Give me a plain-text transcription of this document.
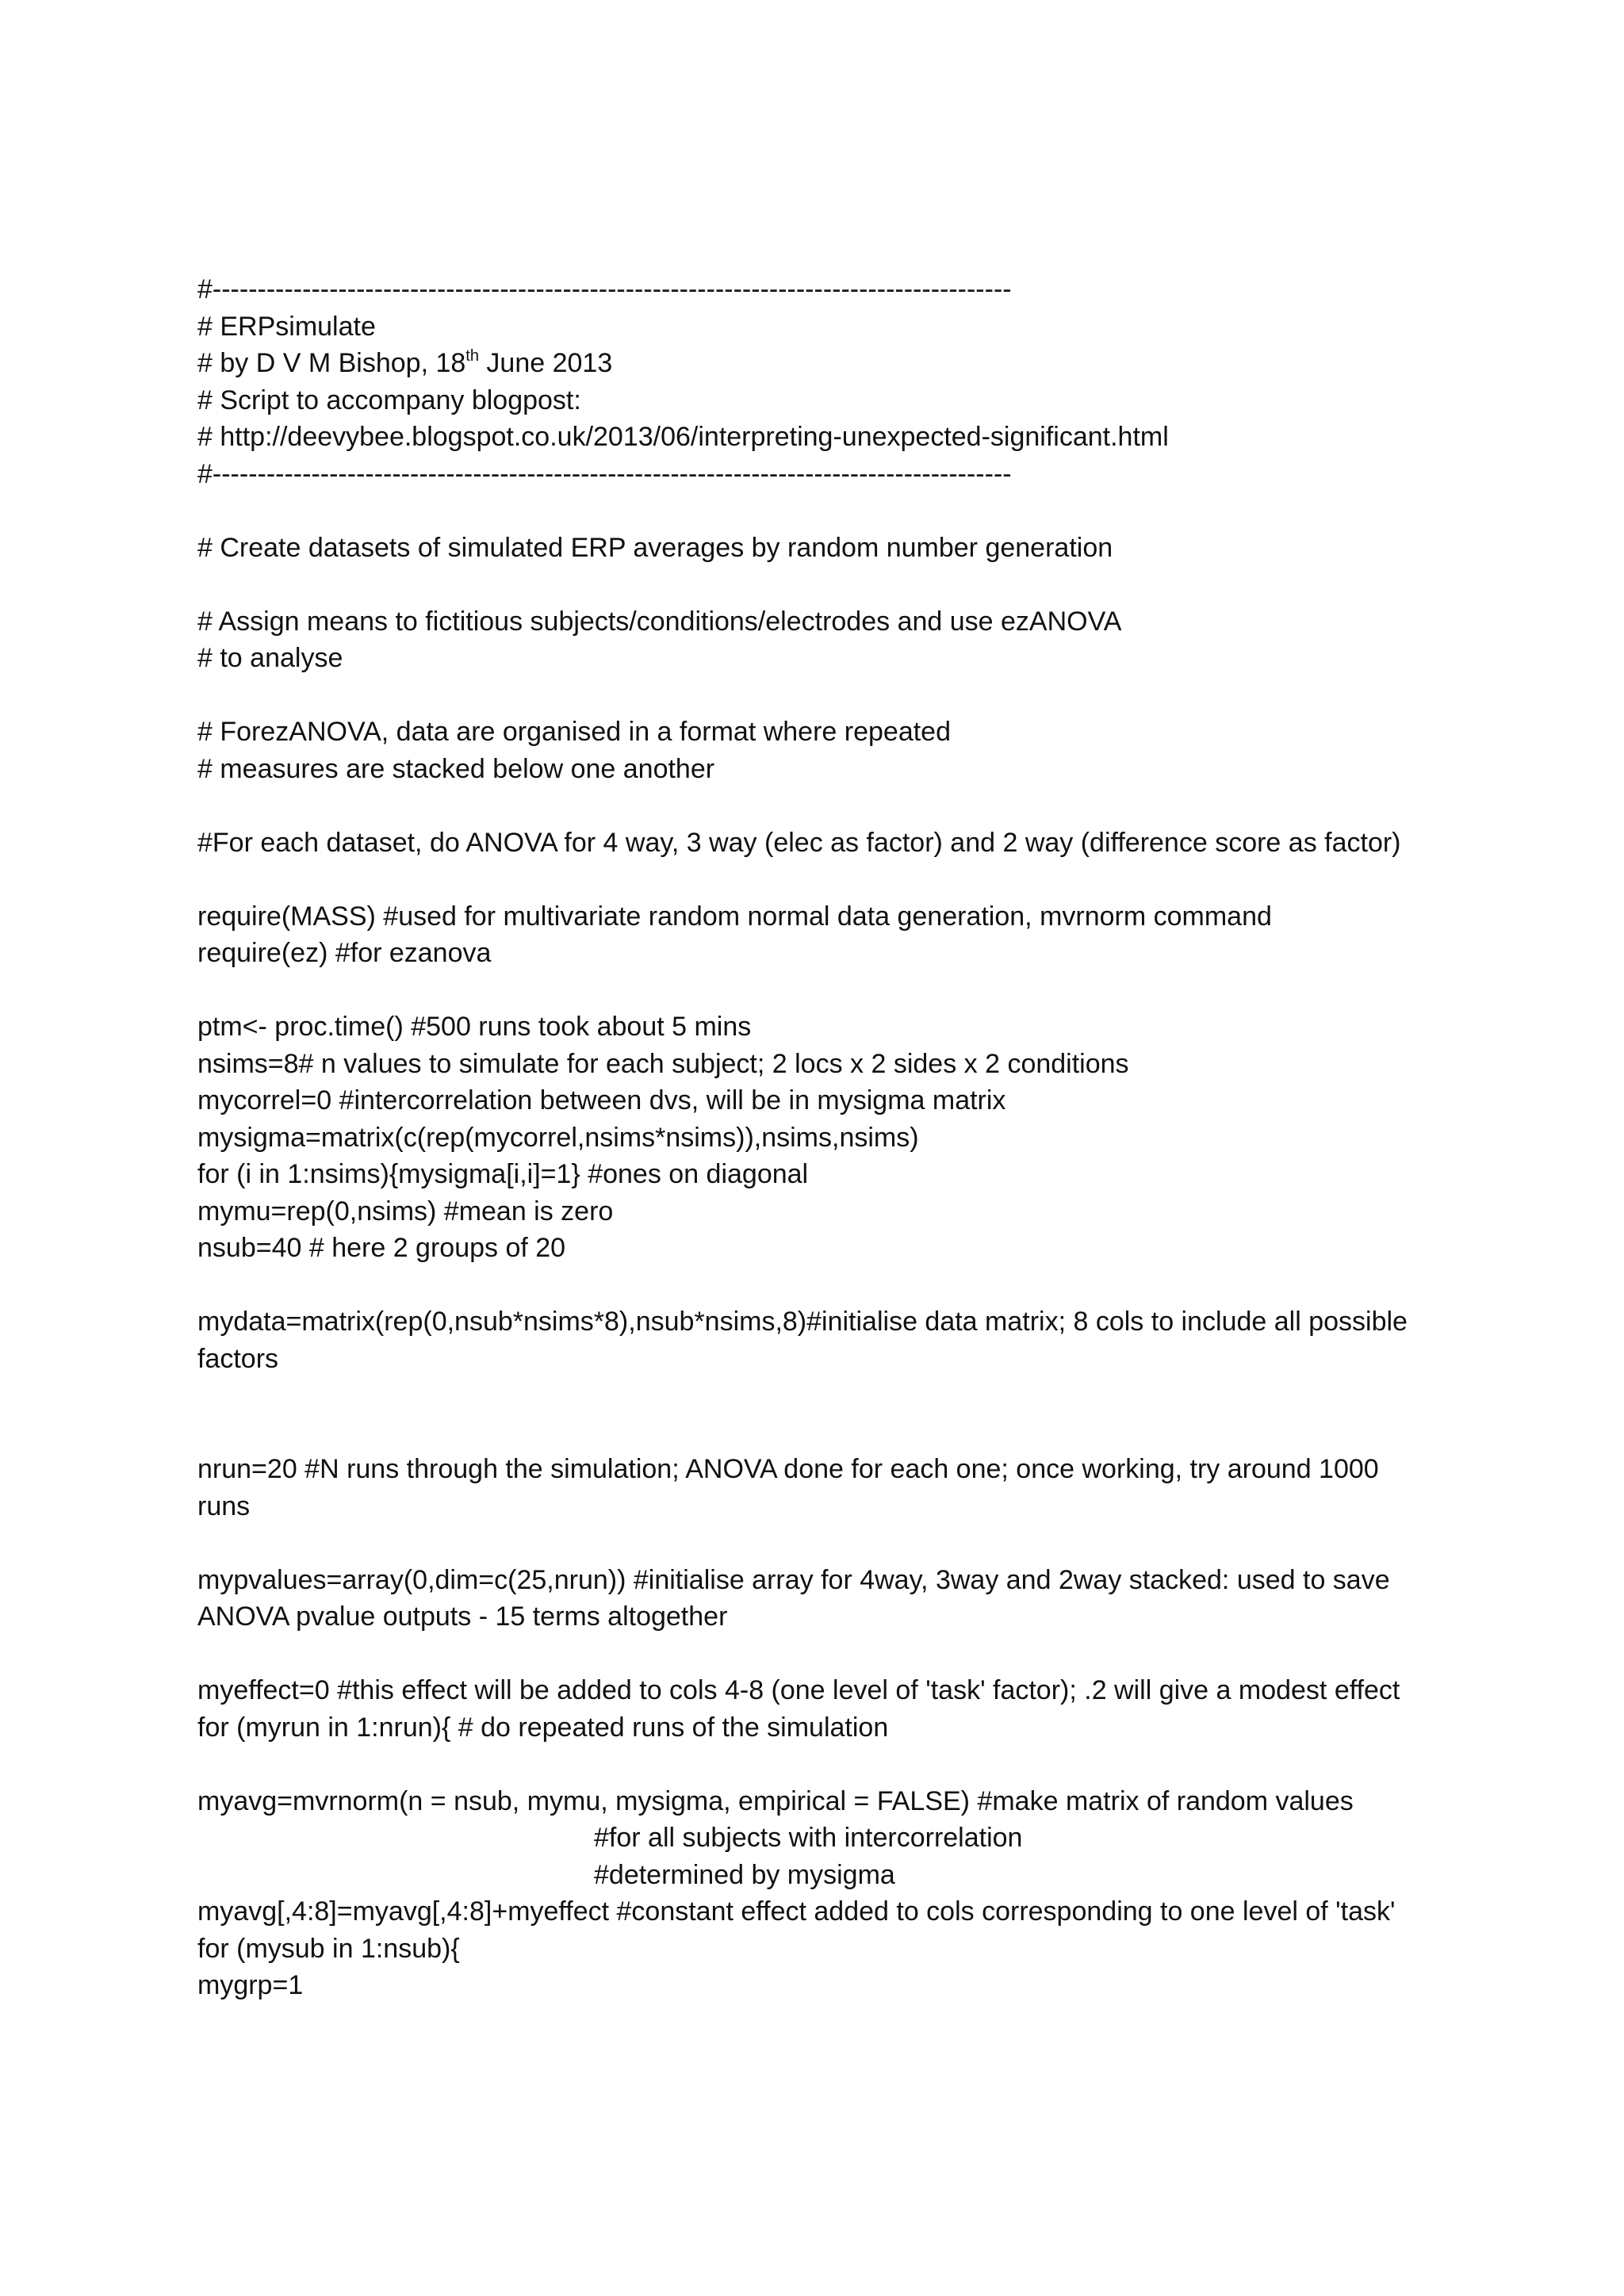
#-----------------------------------------------------------------------------------------
# ERPsimulate
# by D V M Bishop, 18th June 2013
# Script to accompany blogpost:
# http://deevybee.blogspot.co.uk/2013/06/interpreting-unexpected-significant.html
#-----------------------------------------------------------------------------------------
# Create datasets of simulated ERP averages by random number generation
# Assign means to fictitious subjects/conditions/electrodes and use ezANOVA
# to analyse
# ForezANOVA, data are organised in a format where repeated
# measures are stacked below one another
#For each dataset, do ANOVA for 4 way, 3 way (elec as factor) and 2 way (difference score as factor)
require(MASS) #used for multivariate random normal data generation, mvrnorm command
require(ez) #for ezanova
ptm<- proc.time() #500 runs took about 5 mins
nsims=8# n values to simulate for each subject; 2 locs x 2 sides x 2 conditions
mycorrel=0 #intercorrelation between dvs, will be in mysigma matrix
mysigma=matrix(c(rep(mycorrel,nsims*nsims)),nsims,nsims)
for (i in 1:nsims){mysigma[i,i]=1} #ones on diagonal
mymu=rep(0,nsims) #mean is zero
nsub=40 # here 2 groups of 20
mydata=matrix(rep(0,nsub*nsims*8),nsub*nsims,8)#initialise data matrix; 8 cols to include all possible factors
nrun=20 #N runs through the simulation; ANOVA done for each one; once working, try around 1000 runs
mypvalues=array(0,dim=c(25,nrun)) #initialise array for 4way, 3way and 2way stacked: used to save ANOVA pvalue outputs - 15 terms altogether
myeffect=0 #this effect will be added to cols 4-8 (one level of 'task' factor); .2 will give a modest effect
for (myrun in 1:nrun){ # do repeated runs of the simulation
myavg=mvrnorm(n = nsub, mymu, mysigma, empirical = FALSE) #make matrix of random values
#for all subjects with intercorrelation
#determined by mysigma
myavg[,4:8]=myavg[,4:8]+myeffect #constant effect added to cols corresponding to one level of 'task'
for (mysub in 1:nsub){
mygrp=1
